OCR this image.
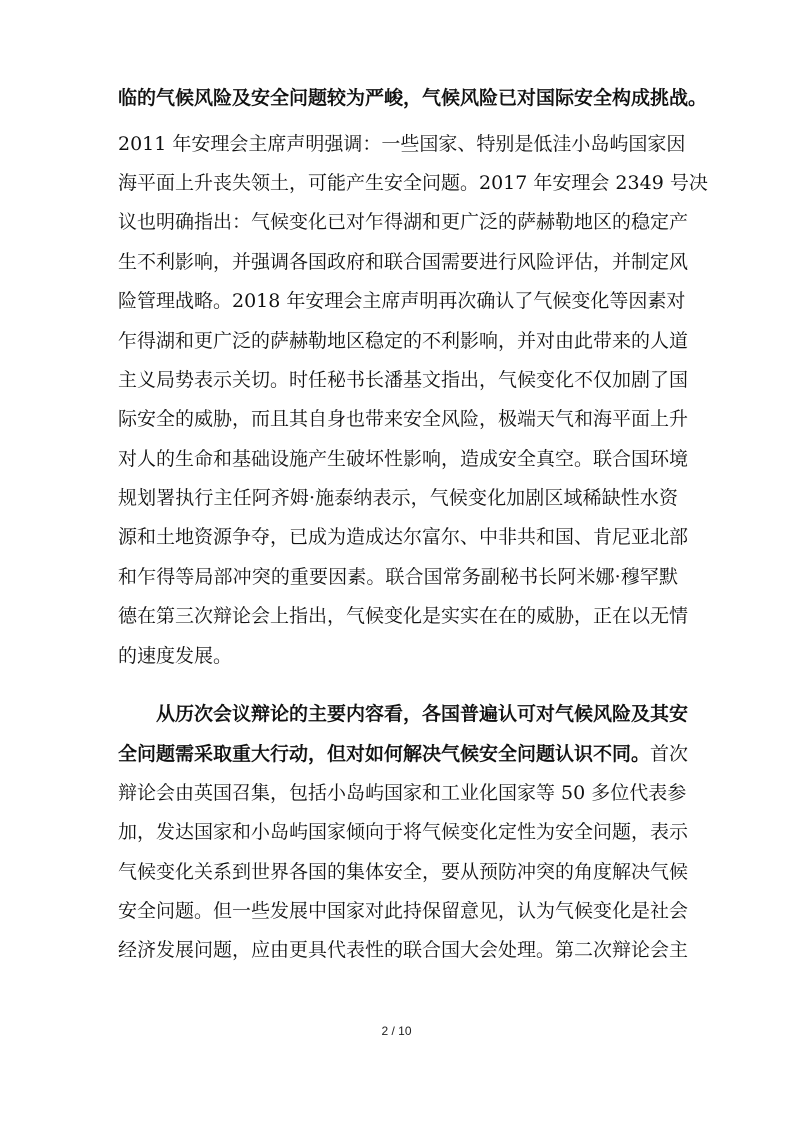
临的气候风险及安全问题较为严峻，气候风险已对国际安全构成挑战。
2011 年安理会主席声明强调：一些国家、特别是低洼小岛屿国家因
海平面上升丧失领土，可能产生安全问题。2017 年安理会 2349 号决
议也明确指出：气候变化已对乍得湖和更广泛的萨赫勒地区的稳定产
生不利影响，并强调各国政府和联合国需要进行风险评估，并制定风
险管理战略。2018 年安理会主席声明再次确认了气候变化等因素对
乍得湖和更广泛的萨赫勒地区稳定的不利影响，并对由此带来的人道
主义局势表示关切。时任秘书长潘基文指出，气候变化不仅加剧了国
际安全的威胁，而且其自身也带来安全风险，极端天气和海平面上升
对人的生命和基础设施产生破坏性影响，造成安全真空。联合国环境
规划署执行主任阿齐姆·施泰纳表示，气候变化加剧区域稀缺性水资
源和土地资源争夺，已成为造成达尔富尔、中非共和国、肯尼亚北部
和乍得等局部冲突的重要因素。联合国常务副秘书长阿米娜·穆罕默
德在第三次辩论会上指出，气候变化是实实在在的威胁，正在以无情
的速度发展。
从历次会议辩论的主要内容看，各国普遍认可对气候风险及其安
全问题需采取重大行动，但对如何解决气候安全问题认识不同。首次
辩论会由英国召集，包括小岛屿国家和工业化国家等 50 多位代表参
加，发达国家和小岛屿国家倾向于将气候变化定性为安全问题，表示
气候变化关系到世界各国的集体安全，要从预防冲突的角度解决气候
安全问题。但一些发展中国家对此持保留意见，认为气候变化是社会
经济发展问题，应由更具代表性的联合国大会处理。第二次辩论会主
2 / 10
